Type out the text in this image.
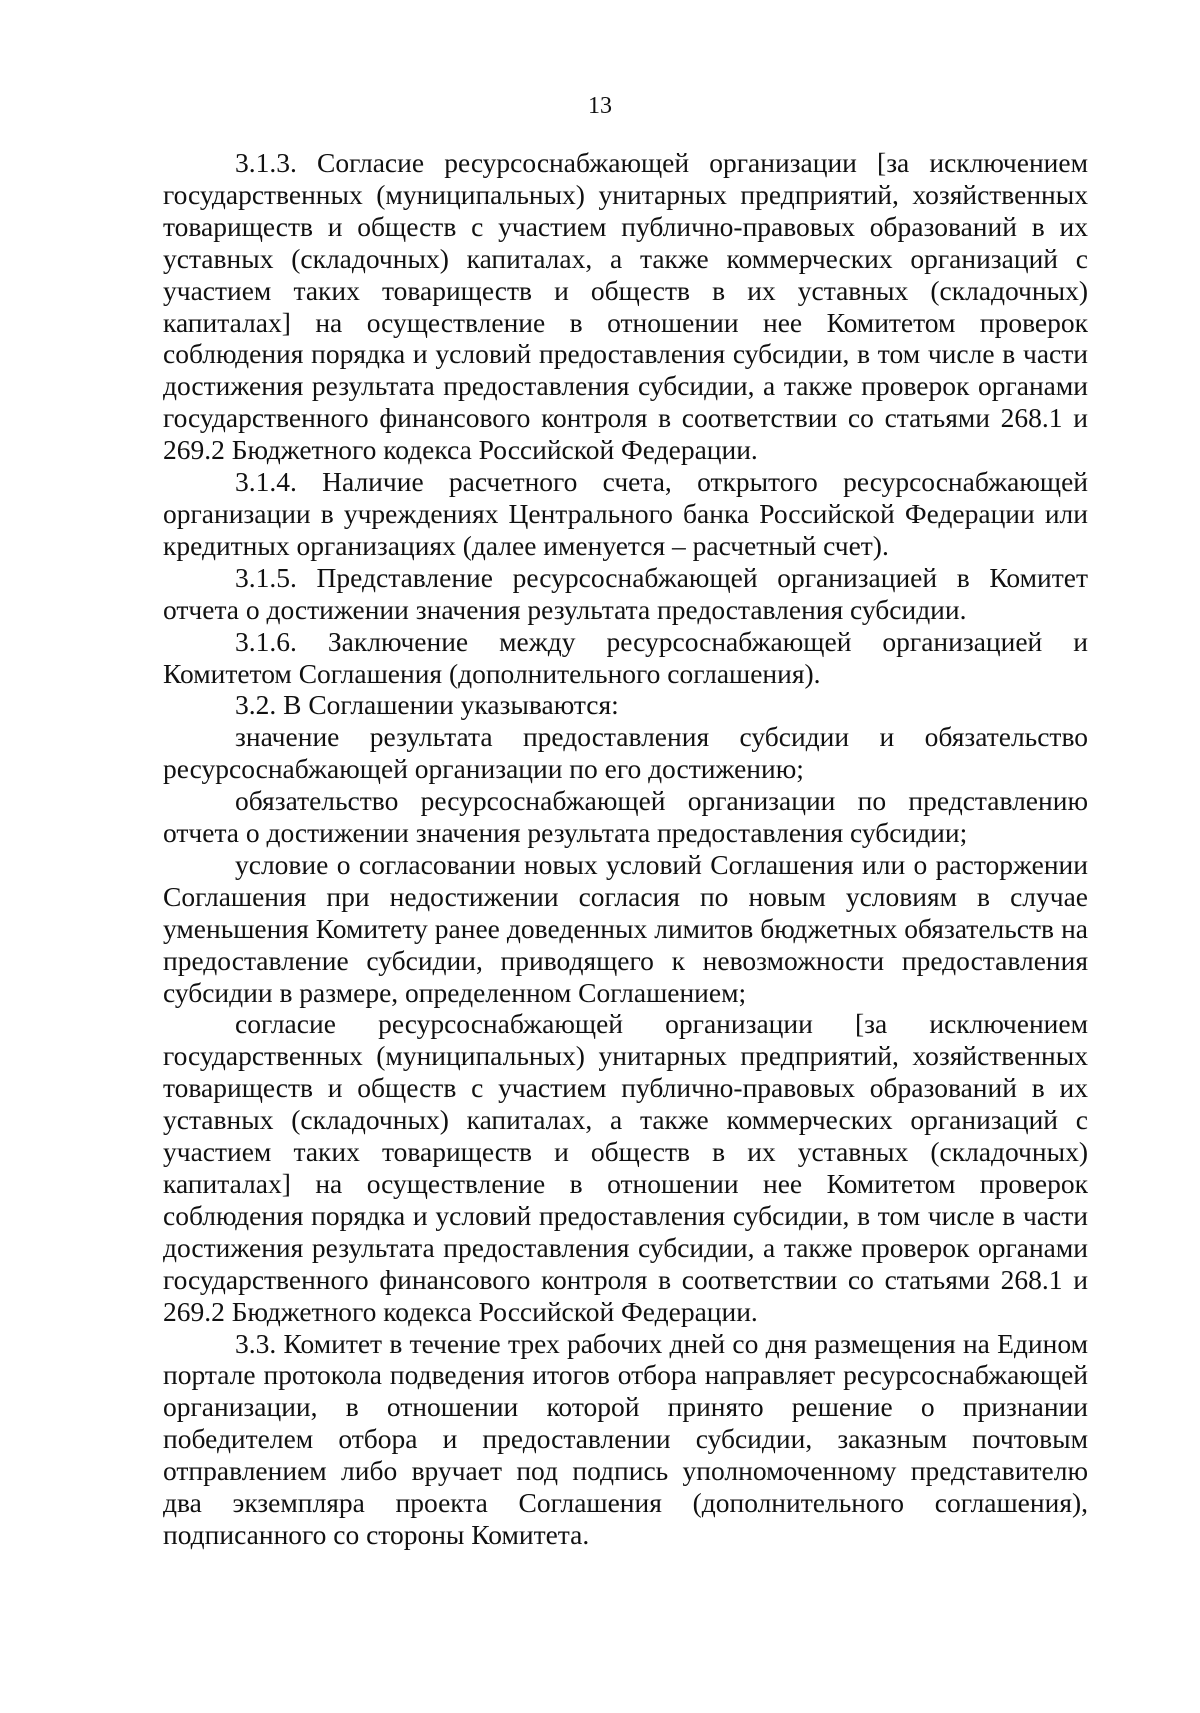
13

3.1.3. Согласие ресурсоснабжающей организации [за исключением государственных (муниципальных) унитарных предприятий, хозяйственных товариществ и обществ с участием публично-правовых образований в их уставных (складочных) капиталах, а также коммерческих организаций с участием таких товариществ и обществ в их уставных (складочных) капиталах] на осуществление в отношении нее Комитетом проверок соблюдения порядка и условий предоставления субсидии, в том числе в части достижения результата предоставления субсидии, а также проверок органами государственного финансового контроля в соответствии со статьями 268.1 и 269.2 Бюджетного кодекса Российской Федерации.

3.1.4. Наличие расчетного счета, открытого ресурсоснабжающей организации в учреждениях Центрального банка Российской Федерации или кредитных организациях (далее именуется – расчетный счет).

3.1.5. Представление ресурсоснабжающей организацией в Комитет отчета о достижении значения результата предоставления субсидии.

3.1.6. Заключение между ресурсоснабжающей организацией и Комитетом Соглашения (дополнительного соглашения).

3.2. В Соглашении указываются:

значение результата предоставления субсидии и обязательство ресурсоснабжающей организации по его достижению;

обязательство ресурсоснабжающей организации по представлению отчета о достижении значения результата предоставления субсидии;

условие о согласовании новых условий Соглашения или о расторжении Соглашения при недостижении согласия по новым условиям в случае уменьшения Комитету ранее доведенных лимитов бюджетных обязательств на предоставление субсидии, приводящего к невозможности предоставления субсидии в размере, определенном Соглашением;

согласие ресурсоснабжающей организации [за исключением государственных (муниципальных) унитарных предприятий, хозяйственных товариществ и обществ с участием публично-правовых образований в их уставных (складочных) капиталах, а также коммерческих организаций с участием таких товариществ и обществ в их уставных (складочных) капиталах] на осуществление в отношении нее Комитетом проверок соблюдения порядка и условий предоставления субсидии, в том числе в части достижения результата предоставления субсидии, а также проверок органами государственного финансового контроля в соответствии со статьями 268.1 и 269.2 Бюджетного кодекса Российской Федерации.

3.3. Комитет в течение трех рабочих дней со дня размещения на Едином портале протокола подведения итогов отбора направляет ресурсоснабжающей организации, в отношении которой принято решение о признании победителем отбора и предоставлении субсидии, заказным почтовым отправлением либо вручает под подпись уполномоченному представителю два экземпляра проекта Соглашения (дополнительного соглашения), подписанного со стороны Комитета.
